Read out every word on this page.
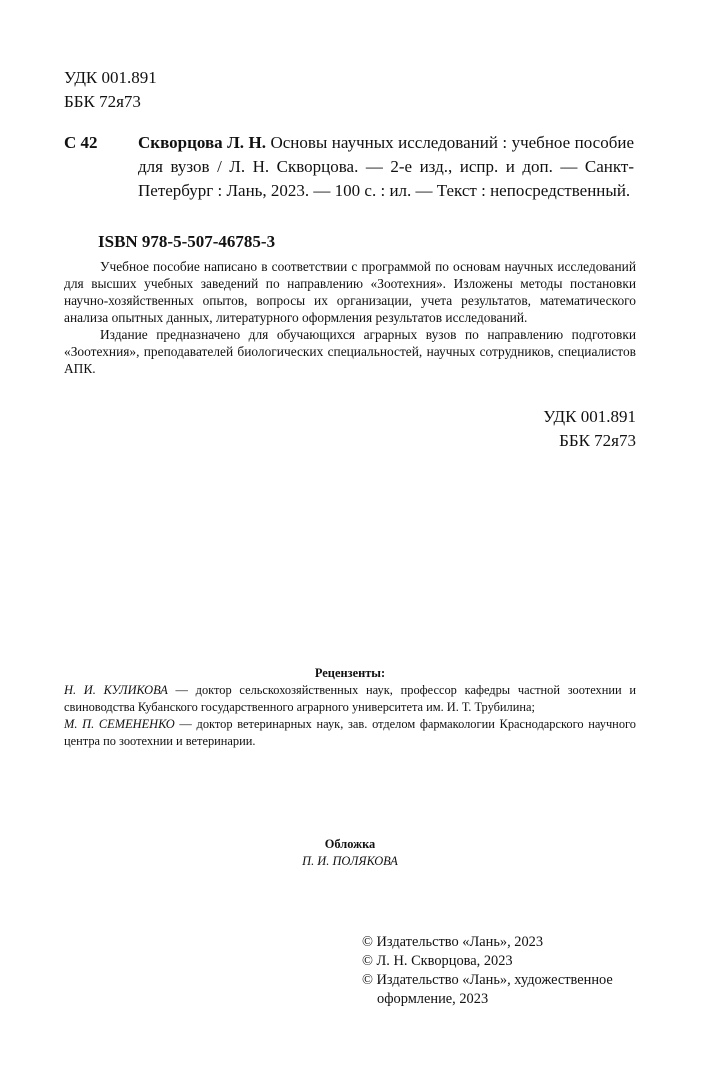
УДК 001.891
ББК 72я73
С 42 Скворцова Л. Н. Основы научных исследований : учебное пособие для вузов / Л. Н. Скворцова. — 2-е изд., испр. и доп. — Санкт-Петербург : Лань, 2023. — 100 с. : ил. — Текст : непосредственный.
ISBN 978-5-507-46785-3

Учебное пособие написано в соответствии с программой по основам научных исследований для высших учебных заведений по направлению «Зоотехния». Изложены методы постановки научно-хозяйственных опытов, вопросы их организации, учета результатов, математического анализа опытных данных, литературного оформления результатов исследований.

Издание предназначено для обучающихся аграрных вузов по направлению подготовки «Зоотехния», преподавателей биологических специальностей, научных сотрудников, специалистов АПК.

УДК 001.891
ББК 72я73

Рецензенты:

Н. И. КУЛИКОВА — доктор сельскохозяйственных наук, профессор кафедры частной зоотехнии и свиноводства Кубанского государственного аграрного университета им. И. Т. Трубилина;

М. П. СЕМЕНЕНКО — доктор ветеринарных наук, зав. отделом фармакологии Краснодарского научного центра по зоотехнии и ветеринарии.

Обложка
П. И. ПОЛЯКОВА
© Издательство «Лань», 2023
© Л. Н. Скворцова, 2023
© Издательство «Лань», художественное
оформление, 2023
